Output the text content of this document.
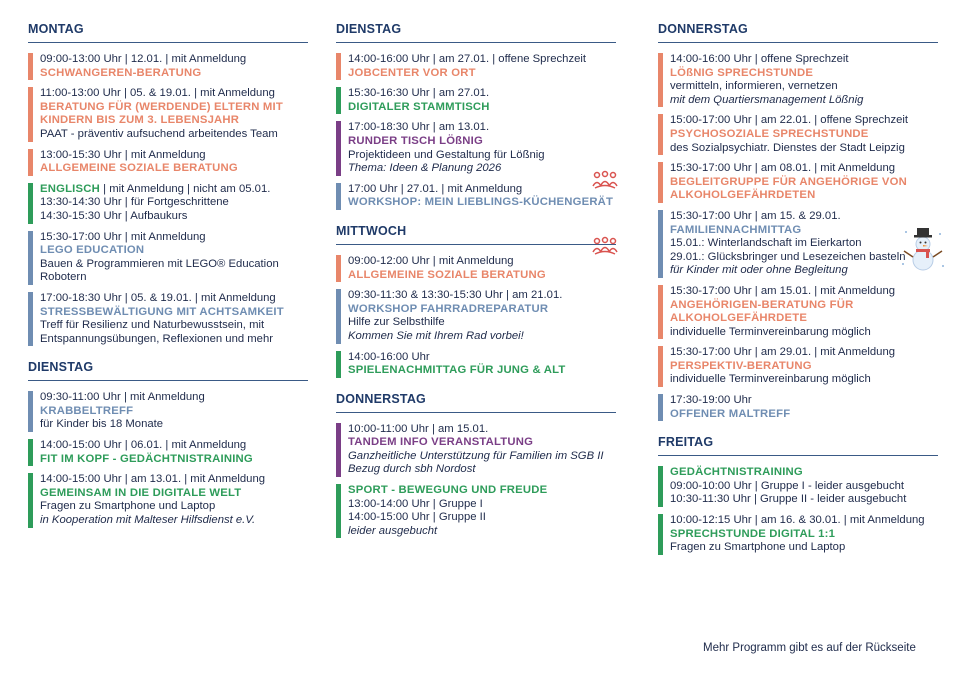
MONTAG
09:00-13:00 Uhr | 12.01. | mit Anmeldung
SCHWANGEREN-BERATUNG
11:00-13:00 Uhr | 05. & 19.01. | mit Anmeldung
BERATUNG FÜR (WERDENDE) ELTERN MIT KINDERN BIS ZUM 3. LEBENSJAHR
PAAT - präventiv aufsuchend arbeitendes Team
13:00-15:30 Uhr | mit Anmeldung
ALLGEMEINE SOZIALE BERATUNG
ENGLISCH | mit Anmeldung | nicht am 05.01.
13:30-14:30 Uhr | für Fortgeschrittene
14:30-15:30 Uhr | Aufbaukurs
15:30-17:00 Uhr | mit Anmeldung
LEGO EDUCATION
Bauen & Programmieren mit LEGO® Education Robotern
17:00-18:30 Uhr | 05. & 19.01. | mit Anmeldung
STRESSBEWÄLTIGUNG MIT ACHTSAMKEIT
Treff für Resilienz und Naturbewusstsein, mit Entspannungsübungen, Reflexionen und mehr
DIENSTAG
09:30-11:00 Uhr | mit Anmeldung
KRABBELTREFF
für Kinder bis 18 Monate
14:00-15:00 Uhr | 06.01. | mit Anmeldung
FIT IM KOPF - GEDÄCHTNISTRAINING
14:00-15:00 Uhr | am 13.01. | mit Anmeldung
GEMEINSAM IN DIE DIGITALE WELT
Fragen zu Smartphone und Laptop
in Kooperation mit Malteser Hilfsdienst e.V.
DIENSTAG
14:00-16:00 Uhr | am 27.01. | offene Sprechzeit
JOBCENTER VOR ORT
15:30-16:30 Uhr | am 27.01.
DIGITALER STAMMTISCH
17:00-18:30 Uhr | am 13.01.
RUNDER TISCH LÖßNIG
Projektideen und Gestaltung für Lößnig
Thema: Ideen & Planung 2026
17:00 Uhr | 27.01. | mit Anmeldung
WORKSHOP: MEIN LIEBLINGS-KÜCHENGERÄT
MITTWOCH
09:00-12:00 Uhr | mit Anmeldung
ALLGEMEINE SOZIALE BERATUNG
09:30-11:30 & 13:30-15:30 Uhr | am 21.01.
WORKSHOP FAHRRADREPARATUR
Hilfe zur Selbsthilfe
Kommen Sie mit Ihrem Rad vorbei!
14:00-16:00 Uhr
SPIELENACHMITTAG FÜR JUNG & ALT
DONNERSTAG
10:00-11:00 Uhr | am 15.01.
TANDEM INFO VERANSTALTUNG
Ganzheitliche Unterstützung für Familien im SGB II Bezug durch sbh Nordost
SPORT - BEWEGUNG UND FREUDE
13:00-14:00 Uhr | Gruppe I
14:00-15:00 Uhr | Gruppe II
leider ausgebucht
DONNERSTAG
14:00-16:00 Uhr | offene Sprechzeit
LÖßNIG SPRECHSTUNDE
vermitteln, informieren, vernetzen
mit dem Quartiersmanagement Lößnig
15:00-17:00 Uhr | am 22.01. | offene Sprechzeit
PSYCHOSOZIALE SPRECHSTUNDE
des Sozialpsychiatr. Dienstes der Stadt Leipzig
15:30-17:00 Uhr | am 08.01. | mit Anmeldung
BEGLEITGRUPPE FÜR ANGEHÖRIGE VON ALKOHOLGEFÄHRDETEN
15:30-17:00 Uhr | am 15. & 29.01.
FAMILIENNACHMITTAG
15.01.: Winterlandschaft im Eierkarton
29.01.: Glücksbringer und Lesezeichen basteln
für Kinder mit oder ohne Begleitung
15:30-17:00 Uhr | am 15.01. | mit Anmeldung
ANGEHÖRIGEN-BERATUNG FÜR ALKOHOLGEFÄHRDETE
individuelle Terminvereinbarung möglich
15:30-17:00 Uhr | am 29.01. | mit Anmeldung
PERSPEKTIV-BERATUNG
individuelle Terminvereinbarung möglich
17:30-19:00 Uhr
OFFENER MALTREFF
FREITAG
GEDÄCHTNISTRAINING
09:00-10:00 Uhr | Gruppe I - leider ausgebucht
10:30-11:30 Uhr | Gruppe II - leider ausgebucht
10:00-12:15 Uhr | am 16. & 30.01. | mit Anmeldung
SPRECHSTUNDE DIGITAL 1:1
Fragen zu Smartphone und Laptop
Mehr Programm gibt es auf der Rückseite
